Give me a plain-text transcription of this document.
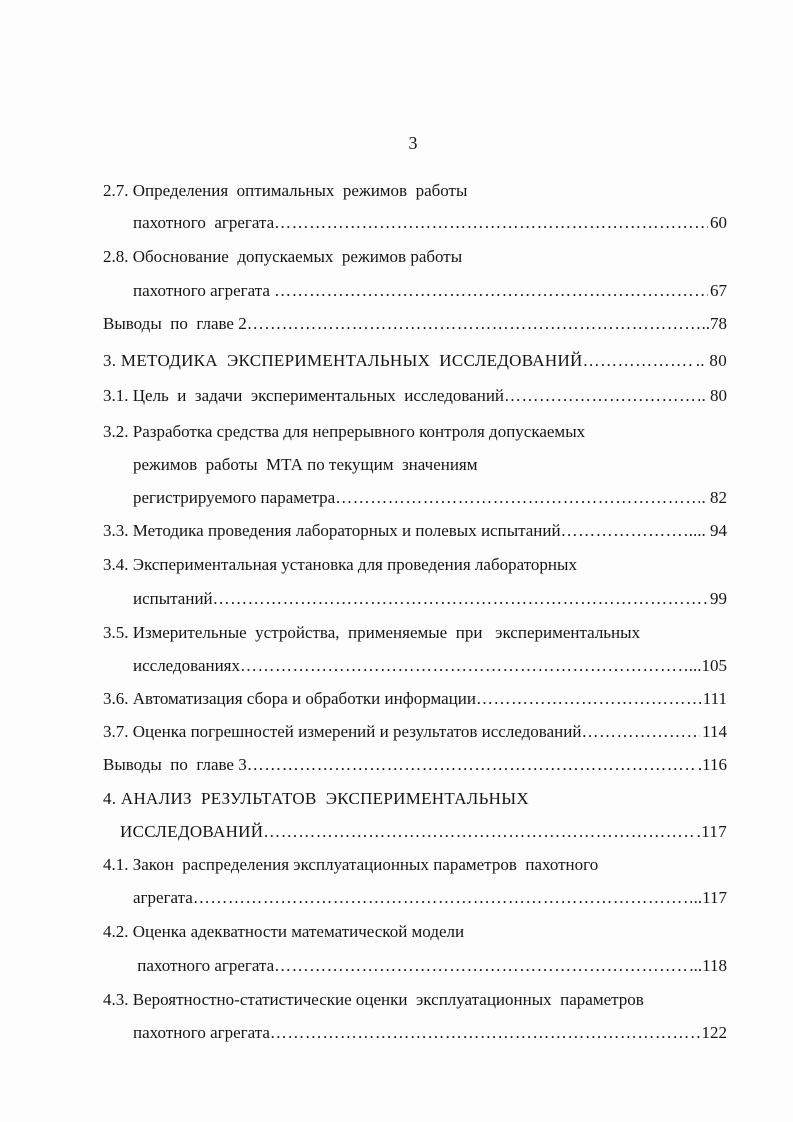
3
2.7. Определения  оптимальных  режимов  работы
пахотного  агрегата ……………………………………………………………………………………………………………………………………………………………………………………………………	60
2.8. Обоснование  допускаемых  режимов работы
пахотного агрегата ……………………………………………………………………………………………………………………………………………………………………………………………………	67
Выводы  по  главе 2 ……………………………………………………………………………………………………………………………………………………………………………………………………	..78
3. МЕТОДИКА  ЭКСПЕРИМЕНТАЛЬНЫХ  ИССЛЕДОВАНИЙ ……………………………………………………………………………………………………………………………………………………………………………………………………	.. 80
3.1. Цель  и  задачи  экспериментальных  исследований ……………………………………………………………………………………………………………………………………………………………………………………………………	. 80
3.2. Разработка средства для непрерывного контроля допускаемых
режимов  работы  МТА по текущим  значениям
регистрируемого параметра ……………………………………………………………………………………………………………………………………………………………………………………………………	. 82
3.3. Методика проведения лабораторных и полевых испытаний ……………………………………………………………………………………………………………………………………………………………………………………………………	.... 94
3.4. Экспериментальная установка для проведения лабораторных
испытаний ……………………………………………………………………………………………………………………………………………………………………………………………………	99
3.5. Измерительные  устройства,  применяемые  при   экспериментальных
исследованиях ……………………………………………………………………………………………………………………………………………………………………………………………………	...105
3.6. Автоматизация сбора и обработки информации ……………………………………………………………………………………………………………………………………………………………………………………………………	111
3.7. Оценка погрешностей измерений и результатов исследований ……………………………………………………………………………………………………………………………………………………………………………………………………	114
Выводы  по  главе 3 ……………………………………………………………………………………………………………………………………………………………………………………………………	.116
4. АНАЛИЗ  РЕЗУЛЬТАТОВ  ЭКСПЕРИМЕНТАЛЬНЫХ
ИССЛЕДОВАНИЙ ……………………………………………………………………………………………………………………………………………………………………………………………………	.117
4.1. Закон  распределения эксплуатационных параметров  пахотного
агрегата ……………………………………………………………………………………………………………………………………………………………………………………………………	..117
4.2. Оценка адекватности математической модели
пахотного агрегата ……………………………………………………………………………………………………………………………………………………………………………………………………	...118
4.3. Вероятностно-статистические оценки  эксплуатационных  параметров
пахотного агрегата ……………………………………………………………………………………………………………………………………………………………………………………………………	122
